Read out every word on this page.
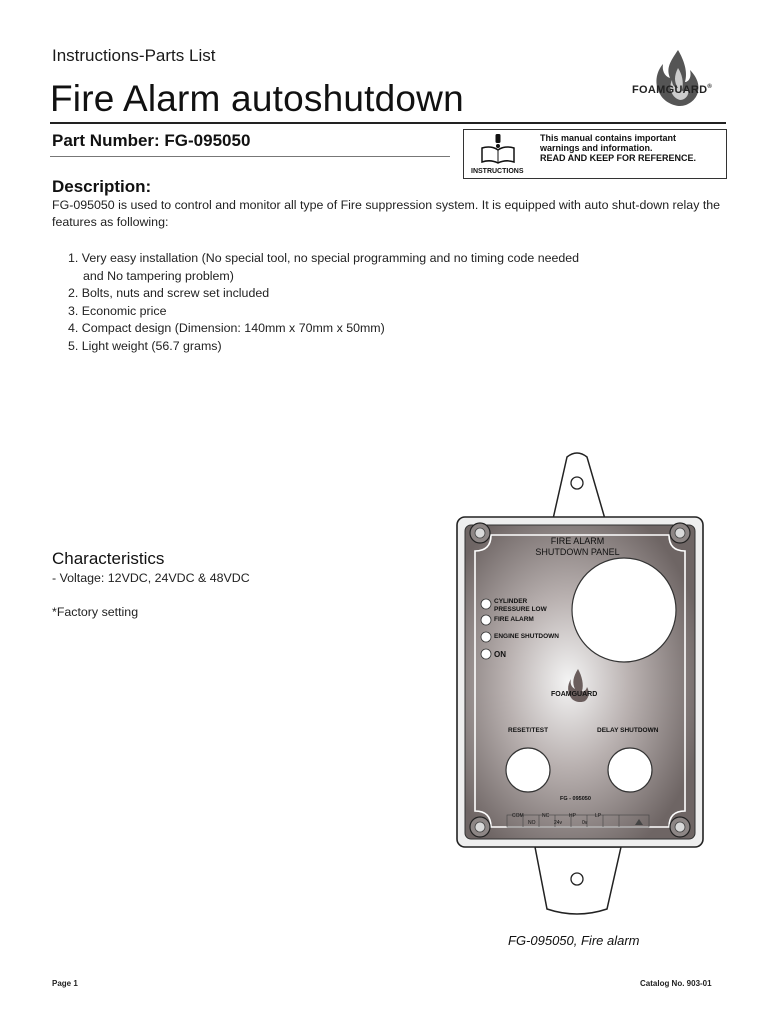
Instructions-Parts List
Fire Alarm autoshutdown	FOAMGUARD®
Part Number: FG-095050
INSTRUCTIONS
This manual contains important
warnings and information.
READ AND KEEP FOR REFERENCE.
Description:
FG-095050 is used to control and monitor all type of Fire suppression system. It is equipped with auto shut-down relay the features as following:
1. Very easy installation (No special tool, no special programming and no timing code needed
and No tampering problem)
2. Bolts, nuts and screw set included
3. Economic price
4. Compact design (Dimension: 140mm x 70mm x 50mm)
5. Light weight (56.7 grams)
Characteristics
- Voltage: 12VDC, 24VDC & 48VDC
*Factory setting
FIRE ALARM
SHUTDOWN PANEL
CYLINDER
PRESSURE LOW
FIRE ALARM
ENGINE SHUTDOWN
ON
FOAMGUARD
RESET/TEST	DELAY SHUTDOWN
FG - 095050
COM	NC	HP	LP
NO	24v	0v
FG-095050, Fire alarm
Page 1	Catalog No. 903-01
